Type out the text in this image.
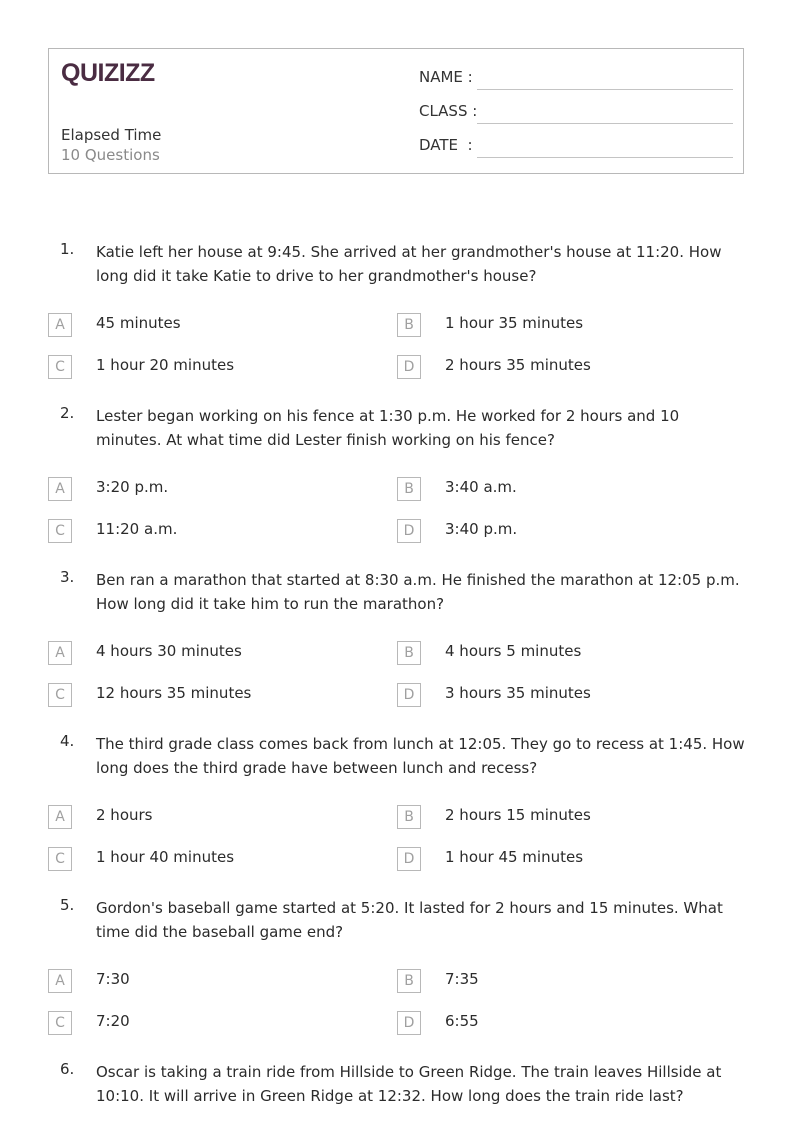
QUIZIZZ
Elapsed Time
10 Questions
NAME :
CLASS :
DATE  :
1. Katie left her house at 9:45. She arrived at her grandmother's house at 11:20. How long did it take Katie to drive to her grandmother's house?
A	45 minutes	B	1 hour 35 minutes
C	1 hour 20 minutes	D	2 hours 35 minutes
2. Lester began working on his fence at 1:30 p.m. He worked for 2 hours and 10 minutes. At what time did Lester finish working on his fence?
A	3:20 p.m.	B	3:40 a.m.
C	11:20 a.m.	D	3:40 p.m.
3. Ben ran a marathon that started at 8:30 a.m. He finished the marathon at 12:05 p.m. How long did it take him to run the marathon?
A	4 hours 30 minutes	B	4 hours 5 minutes
C	12 hours 35 minutes	D	3 hours 35 minutes
4. The third grade class comes back from lunch at 12:05. They go to recess at 1:45. How long does the third grade have between lunch and recess?
A	2 hours	B	2 hours 15 minutes
C	1 hour 40 minutes	D	1 hour 45 minutes
5. Gordon's baseball game started at 5:20. It lasted for 2 hours and 15 minutes. What time did the baseball game end?
A	7:30	B	7:35
C	7:20	D	6:55
6. Oscar is taking a train ride from Hillside to Green Ridge. The train leaves Hillside at 10:10. It will arrive in Green Ridge at 12:32. How long does the train ride last?
